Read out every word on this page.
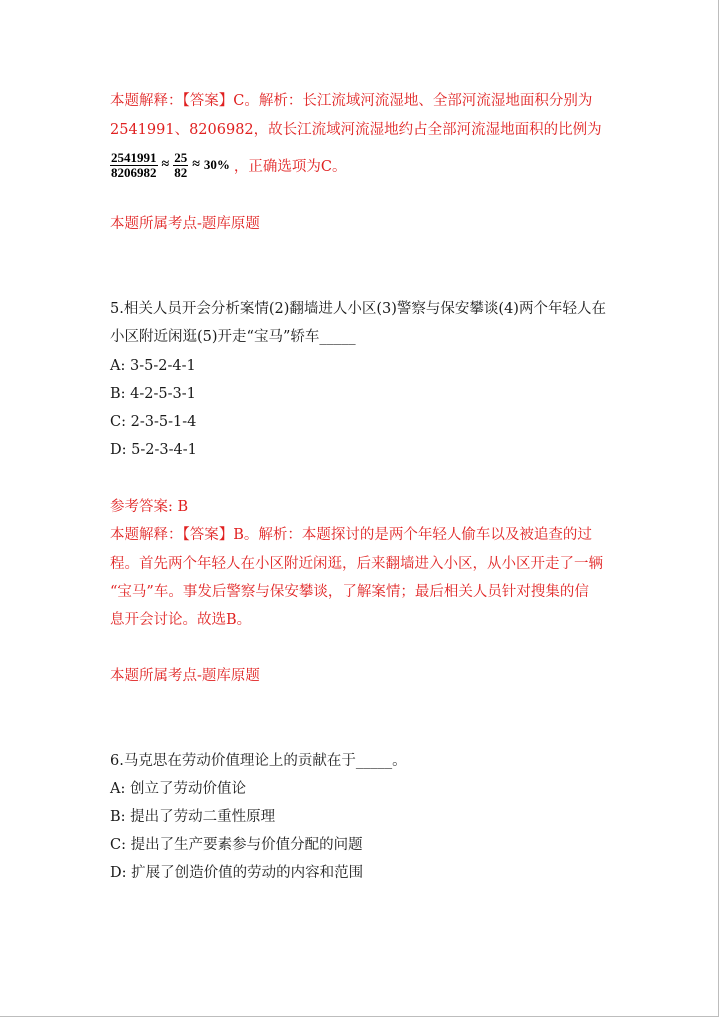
本题解释：【答案】C。解析：长江流域河流湿地、全部河流湿地面积分别为
2541991、8206982，故长江流域河流湿地约占全部河流湿地面积的比例为
$\frac{2541991}{8206982} \approx \frac{25}{82} \approx 30\%$ ，正确选项为C。
本题所属考点-题库原题
5.相关人员开会分析案情(2)翻墙进人小区(3)警察与保安攀谈(4)两个年轻人在
小区附近闲逛(5)开走“宝马”轿车_____
A: 3-5-2-4-1
B: 4-2-5-3-1
C: 2-3-5-1-4
D: 5-2-3-4-1
参考答案: B
本题解释：【答案】B。解析：本题探讨的是两个年轻人偷车以及被追查的过
程。首先两个年轻人在小区附近闲逛，后来翻墙进入小区，从小区开走了一辆
“宝马”车。事发后警察与保安攀谈，了解案情；最后相关人员针对搜集的信
息开会讨论。故选B。
本题所属考点-题库原题
6.马克思在劳动价值理论上的贡献在于_____。
A: 创立了劳动价值论
B: 提出了劳动二重性原理
C: 提出了生产要素参与价值分配的问题
D: 扩展了创造价值的劳动的内容和范围
